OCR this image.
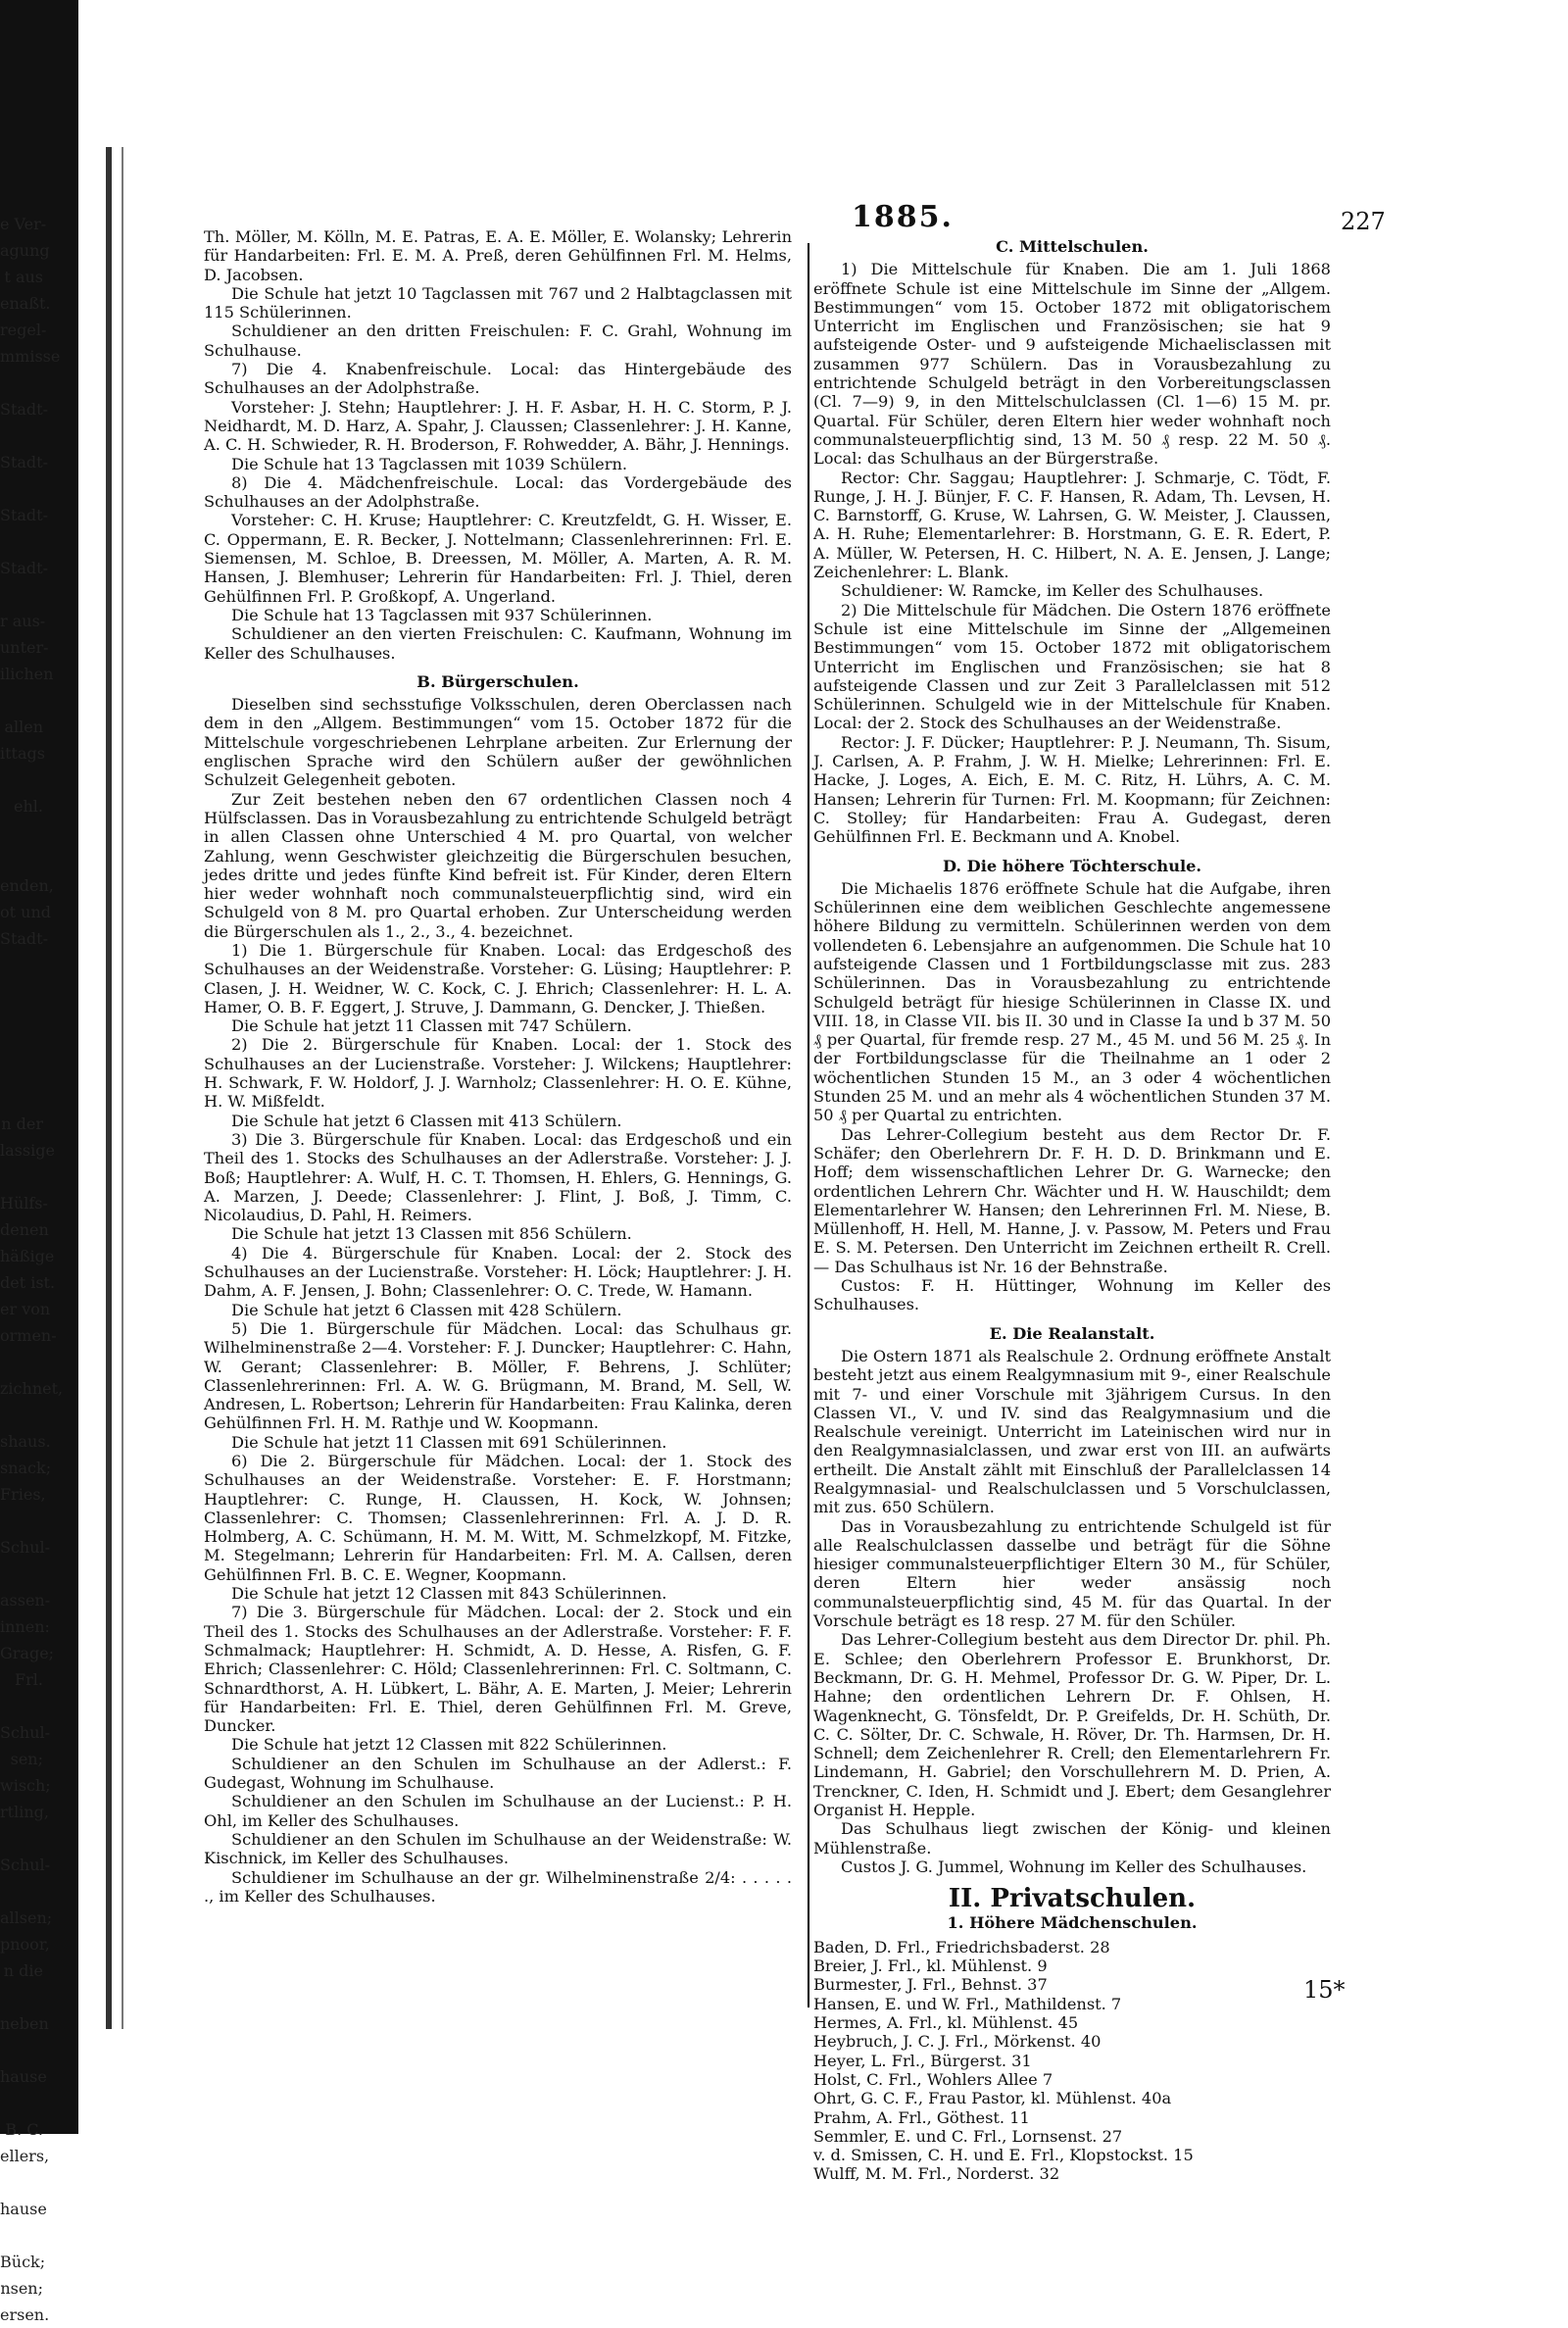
e Ver-
agung
t aus
enaßt.
regel-
mmisse
Stadt-
Stadt-
Stadt-
Stadt-
r aus-
unter-
ilichen
allen
ittags
ehl.
enden,
ot und
Stadt-
n der
lassige
Hülfs-
denen
häßige
det ist.
er von
ormen-
zichnet,
shaus.
snack;
Fries,
Schul-
assen-
innen:
Grage;
Frl.
Schul-
sen;
wisch;
rtling,
Schul-
allsen;
pnoor,
n die
neben
hause
B. C.
ellers,
hause
Bück;
nsen;
ersen.
1885.	227

Th. Möller, M. Kölln, M. E. Patras, E. A. E. Möller, E. Wolansky; Lehrerin für Handarbeiten: Frl. E. M. A. Preß, deren Gehülfinnen Frl. M. Helms, D. Jacobsen.

Die Schule hat jetzt 10 Tagclassen mit 767 und 2 Halbtagclassen mit 115 Schülerinnen.

Schuldiener an den dritten Freischulen: F. C. Grahl, Wohnung im Schulhause.

7) Die 4. Knabenfreischule. Local: das Hintergebäude des Schulhauses an der Adolphstraße.

Vorsteher: J. Stehn; Hauptlehrer: J. H. F. Asbar, H. H. C. Storm, P. J. Neidhardt, M. D. Harz, A. Spahr, J. Claussen; Classenlehrer: J. H. Kanne, A. C. H. Schwieder, R. H. Broderson, F. Rohwedder, A. Bähr, J. Hennings.

Die Schule hat 13 Tagclassen mit 1039 Schülern.

8) Die 4. Mädchenfreischule. Local: das Vordergebäude des Schulhauses an der Adolphstraße.

Vorsteher: C. H. Kruse; Hauptlehrer: C. Kreutzfeldt, G. H. Wisser, E. C. Oppermann, E. R. Becker, J. Nottelmann; Classenlehrerinnen: Frl. E. Siemensen, M. Schloe, B. Dreessen, M. Möller, A. Marten, A. R. M. Hansen, J. Blemhuser; Lehrerin für Handarbeiten: Frl. J. Thiel, deren Gehülfinnen Frl. P. Großkopf, A. Ungerland.

Die Schule hat 13 Tagclassen mit 937 Schülerinnen.

Schuldiener an den vierten Freischulen: C. Kaufmann, Wohnung im Keller des Schulhauses.

B. Bürgerschulen.

Dieselben sind sechsstufige Volksschulen, deren Oberclassen nach dem in den „Allgem. Bestimmungen“ vom 15. October 1872 für die Mittelschule vorgeschriebenen Lehrplane arbeiten. Zur Erlernung der englischen Sprache wird den Schülern außer der gewöhnlichen Schulzeit Gelegenheit geboten.

Zur Zeit bestehen neben den 67 ordentlichen Classen noch 4 Hülfsclassen. Das in Vorausbezahlung zu entrichtende Schulgeld beträgt in allen Classen ohne Unterschied 4 M. pro Quartal, von welcher Zahlung, wenn Geschwister gleichzeitig die Bürgerschulen besuchen, jedes dritte und jedes fünfte Kind befreit ist. Für Kinder, deren Eltern hier weder wohnhaft noch communalsteuerpflichtig sind, wird ein Schulgeld von 8 M. pro Quartal erhoben. Zur Unterscheidung werden die Bürgerschulen als 1., 2., 3., 4. bezeichnet.

1) Die 1. Bürgerschule für Knaben. Local: das Erdgeschoß des Schulhauses an der Weidenstraße. Vorsteher: G. Lüsing; Hauptlehrer: P. Clasen, J. H. Weidner, W. C. Kock, C. J. Ehrich; Classenlehrer: H. L. A. Hamer, O. B. F. Eggert, J. Struve, J. Dammann, G. Dencker, J. Thießen.

Die Schule hat jetzt 11 Classen mit 747 Schülern.

2) Die 2. Bürgerschule für Knaben. Local: der 1. Stock des Schulhauses an der Lucienstraße. Vorsteher: J. Wilckens; Hauptlehrer: H. Schwark, F. W. Holdorf, J. J. Warnholz; Classenlehrer: H. O. E. Kühne, H. W. Mißfeldt.

Die Schule hat jetzt 6 Classen mit 413 Schülern.

3) Die 3. Bürgerschule für Knaben. Local: das Erdgeschoß und ein Theil des 1. Stocks des Schulhauses an der Adlerstraße. Vorsteher: J. J. Boß; Hauptlehrer: A. Wulf, H. C. T. Thomsen, H. Ehlers, G. Hennings, G. A. Marzen, J. Deede; Classenlehrer: J. Flint, J. Boß, J. Timm, C. Nicolaudius, D. Pahl, H. Reimers.

Die Schule hat jetzt 13 Classen mit 856 Schülern.

4) Die 4. Bürgerschule für Knaben. Local: der 2. Stock des Schulhauses an der Lucienstraße. Vorsteher: H. Löck; Hauptlehrer: J. H. Dahm, A. F. Jensen, J. Bohn; Classenlehrer: O. C. Trede, W. Hamann.

Die Schule hat jetzt 6 Classen mit 428 Schülern.

5) Die 1. Bürgerschule für Mädchen. Local: das Schulhaus gr. Wilhelminenstraße 2—4. Vorsteher: F. J. Duncker; Hauptlehrer: C. Hahn, W. Gerant; Classenlehrer: B. Möller, F. Behrens, J. Schlüter; Classenlehrerinnen: Frl. A. W. G. Brügmann, M. Brand, M. Sell, W. Andresen, L. Robertson; Lehrerin für Handarbeiten: Frau Kalinka, deren Gehülfinnen Frl. H. M. Rathje und W. Koopmann.

Die Schule hat jetzt 11 Classen mit 691 Schülerinnen.

6) Die 2. Bürgerschule für Mädchen. Local: der 1. Stock des Schulhauses an der Weidenstraße. Vorsteher: E. F. Horstmann; Hauptlehrer: C. Runge, H. Claussen, H. Kock, W. Johnsen; Classenlehrer: C. Thomsen; Classenlehrerinnen: Frl. A. J. D. R. Holmberg, A. C. Schümann, H. M. M. Witt, M. Schmelzkopf, M. Fitzke, M. Stegelmann; Lehrerin für Handarbeiten: Frl. M. A. Callsen, deren Gehülfinnen Frl. B. C. E. Wegner, Koopmann.

Die Schule hat jetzt 12 Classen mit 843 Schülerinnen.

7) Die 3. Bürgerschule für Mädchen. Local: der 2. Stock und ein Theil des 1. Stocks des Schulhauses an der Adlerstraße. Vorsteher: F. F. Schmalmack; Hauptlehrer: H. Schmidt, A. D. Hesse, A. Risfen, G. F. Ehrich; Classenlehrer: C. Höld; Classenlehrerinnen: Frl. C. Soltmann, C. Schnardthorst, A. H. Lübkert, L. Bähr, A. E. Marten, J. Meier; Lehrerin für Handarbeiten: Frl. E. Thiel, deren Gehülfinnen Frl. M. Greve, Duncker.

Die Schule hat jetzt 12 Classen mit 822 Schülerinnen.

Schuldiener an den Schulen im Schulhause an der Adlerst.: F. Gudegast, Wohnung im Schulhause.

Schuldiener an den Schulen im Schulhause an der Lucienst.: P. H. Ohl, im Keller des Schulhauses.

Schuldiener an den Schulen im Schulhause an der Weidenstraße: W. Kischnick, im Keller des Schulhauses.

Schuldiener im Schulhause an der gr. Wilhelminenstraße 2/4: . . . . . ., im Keller des Schulhauses.

C. Mittelschulen.

1) Die Mittelschule für Knaben. Die am 1. Juli 1868 eröffnete Schule ist eine Mittelschule im Sinne der „Allgem. Bestimmungen“ vom 15. October 1872 mit obligatorischem Unterricht im Englischen und Französischen; sie hat 9 aufsteigende Oster- und 9 aufsteigende Michaelisclassen mit zusammen 977 Schülern. Das in Vorausbezahlung zu entrichtende Schulgeld beträgt in den Vorbereitungsclassen (Cl. 7—9) 9, in den Mittelschulclassen (Cl. 1—6) 15 M. pr. Quartal. Für Schüler, deren Eltern hier weder wohnhaft noch communalsteuerpflichtig sind, 13 M. 50 ₰ resp. 22 M. 50 ₰. Local: das Schulhaus an der Bürgerstraße.

Rector: Chr. Saggau; Hauptlehrer: J. Schmarje, C. Tödt, F. Runge, J. H. J. Bünjer, F. C. F. Hansen, R. Adam, Th. Levsen, H. C. Barnstorff, G. Kruse, W. Lahrsen, G. W. Meister, J. Claussen, A. H. Ruhe; Elementarlehrer: B. Horstmann, G. E. R. Edert, P. A. Müller, W. Petersen, H. C. Hilbert, N. A. E. Jensen, J. Lange; Zeichenlehrer: L. Blank.

Schuldiener: W. Ramcke, im Keller des Schulhauses.

2) Die Mittelschule für Mädchen. Die Ostern 1876 eröffnete Schule ist eine Mittelschule im Sinne der „Allgemeinen Bestimmungen“ vom 15. October 1872 mit obligatorischem Unterricht im Englischen und Französischen; sie hat 8 aufsteigende Classen und zur Zeit 3 Parallelclassen mit 512 Schülerinnen. Schulgeld wie in der Mittelschule für Knaben. Local: der 2. Stock des Schulhauses an der Weidenstraße.

Rector: J. F. Dücker; Hauptlehrer: P. J. Neumann, Th. Sisum, J. Carlsen, A. P. Frahm, J. W. H. Mielke; Lehrerinnen: Frl. E. Hacke, J. Loges, A. Eich, E. M. C. Ritz, H. Lührs, A. C. M. Hansen; Lehrerin für Turnen: Frl. M. Koopmann; für Zeichnen: C. Stolley; für Handarbeiten: Frau A. Gudegast, deren Gehülfinnen Frl. E. Beckmann und A. Knobel.

D. Die höhere Töchterschule.

Die Michaelis 1876 eröffnete Schule hat die Aufgabe, ihren Schülerinnen eine dem weiblichen Geschlechte angemessene höhere Bildung zu vermitteln. Schülerinnen werden von dem vollendeten 6. Lebensjahre an aufgenommen. Die Schule hat 10 aufsteigende Classen und 1 Fortbildungsclasse mit zus. 283 Schülerinnen. Das in Vorausbezahlung zu entrichtende Schulgeld beträgt für hiesige Schülerinnen in Classe IX. und VIII. 18, in Classe VII. bis II. 30 und in Classe Ia und b 37 M. 50 ₰ per Quartal, für fremde resp. 27 M., 45 M. und 56 M. 25 ₰. In der Fortbildungsclasse für die Theilnahme an 1 oder 2 wöchentlichen Stunden 15 M., an 3 oder 4 wöchentlichen Stunden 25 M. und an mehr als 4 wöchentlichen Stunden 37 M. 50 ₰ per Quartal zu entrichten.

Das Lehrer-Collegium besteht aus dem Rector Dr. F. Schäfer; den Oberlehrern Dr. F. H. D. D. Brinkmann und E. Hoff; dem wissenschaftlichen Lehrer Dr. G. Warnecke; den ordentlichen Lehrern Chr. Wächter und H. W. Hauschildt; dem Elementarlehrer W. Hansen; den Lehrerinnen Frl. M. Niese, B. Müllenhoff, H. Hell, M. Hanne, J. v. Passow, M. Peters und Frau E. S. M. Petersen. Den Unterricht im Zeichnen ertheilt R. Crell. — Das Schulhaus ist Nr. 16 der Behnstraße.

Custos: F. H. Hüttinger, Wohnung im Keller des Schulhauses.

E. Die Realanstalt.

Die Ostern 1871 als Realschule 2. Ordnung eröffnete Anstalt besteht jetzt aus einem Realgymnasium mit 9-, einer Realschule mit 7- und einer Vorschule mit 3jährigem Cursus. In den Classen VI., V. und IV. sind das Realgymnasium und die Realschule vereinigt. Unterricht im Lateinischen wird nur in den Realgymnasialclassen, und zwar erst von III. an aufwärts ertheilt. Die Anstalt zählt mit Einschluß der Parallelclassen 14 Realgymnasial- und Realschulclassen und 5 Vorschulclassen, mit zus. 650 Schülern.

Das in Vorausbezahlung zu entrichtende Schulgeld ist für alle Realschulclassen dasselbe und beträgt für die Söhne hiesiger communalsteuerpflichtiger Eltern 30 M., für Schüler, deren Eltern hier weder ansässig noch communalsteuerpflichtig sind, 45 M. für das Quartal. In der Vorschule beträgt es 18 resp. 27 M. für den Schüler.

Das Lehrer-Collegium besteht aus dem Director Dr. phil. Ph. E. Schlee; den Oberlehrern Professor E. Brunkhorst, Dr. Beckmann, Dr. G. H. Mehmel, Professor Dr. G. W. Piper, Dr. L. Hahne; den ordentlichen Lehrern Dr. F. Ohlsen, H. Wagenknecht, G. Tönsfeldt, Dr. P. Greifelds, Dr. H. Schüth, Dr. C. C. Sölter, Dr. C. Schwale, H. Röver, Dr. Th. Harmsen, Dr. H. Schnell; dem Zeichenlehrer R. Crell; den Elementarlehrern Fr. Lindemann, H. Gabriel; den Vorschullehrern M. D. Prien, A. Trenckner, C. Iden, H. Schmidt und J. Ebert; dem Gesanglehrer Organist H. Hepple.

Das Schulhaus liegt zwischen der König- und kleinen Mühlenstraße.

Custos J. G. Jummel, Wohnung im Keller des Schulhauses.

II. Privatschulen.

1. Höhere Mädchenschulen.

Baden, D. Frl., Friedrichsbaderst. 28

Breier, J. Frl., kl. Mühlenst. 9

Burmester, J. Frl., Behnst. 37

Hansen, E. und W. Frl., Mathildenst. 7

Hermes, A. Frl., kl. Mühlenst. 45

Heybruch, J. C. J. Frl., Mörkenst. 40

Heyer, L. Frl., Bürgerst. 31

Holst, C. Frl., Wohlers Allee 7

Ohrt, G. C. F., Frau Pastor, kl. Mühlenst. 40a

Prahm, A. Frl., Göthest. 11

Semmler, E. und C. Frl., Lornsenst. 27

v. d. Smissen, C. H. und E. Frl., Klopstockst. 15

Wulff, M. M. Frl., Norderst. 32

15*
